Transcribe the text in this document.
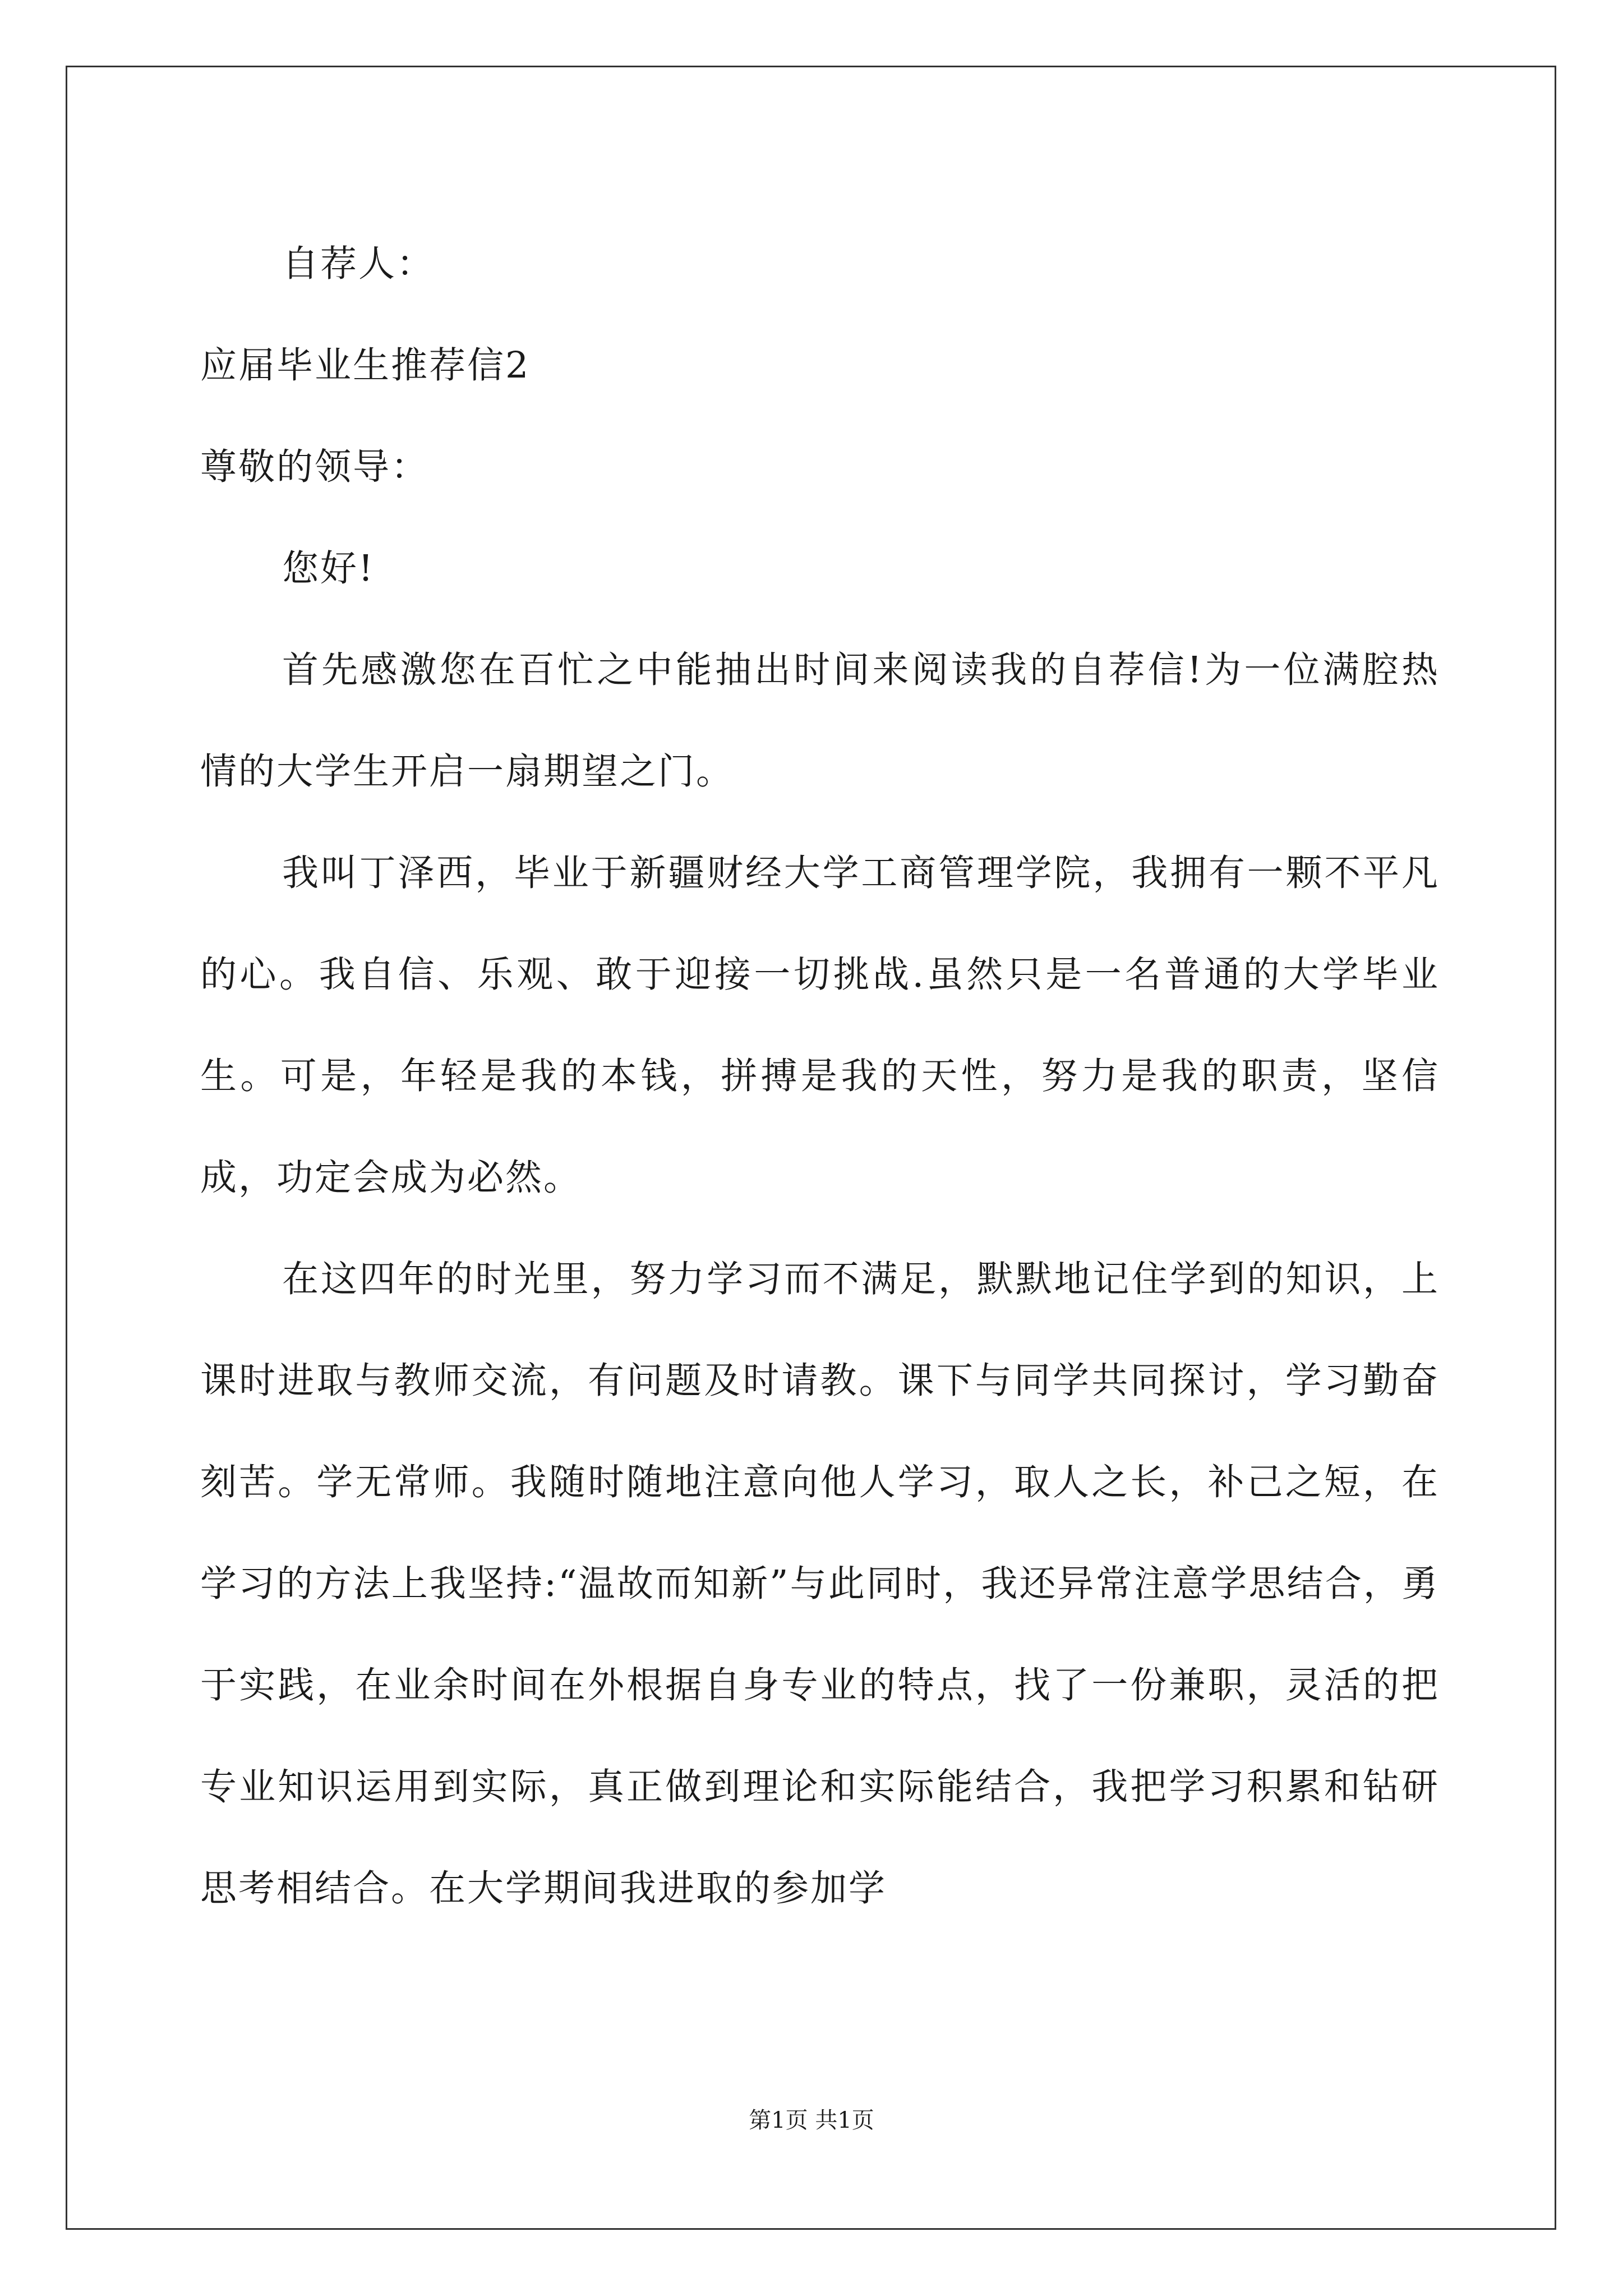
自荐人：

应届毕业生推荐信2

尊敬的领导：

您好!

首先感激您在百忙之中能抽出时间来阅读我的自荐信!为一位满腔热情的大学生开启一扇期望之门。

我叫丁泽西，毕业于新疆财经大学工商管理学院，我拥有一颗不平凡的心。我自信、乐观、敢于迎接一切挑战.虽然只是一名普通的大学毕业生。可是，年轻是我的本钱，拼搏是我的天性，努力是我的职责，坚信成，功定会成为必然。

在这四年的时光里，努力学习而不满足，默默地记住学到的知识，上课时进取与教师交流，有问题及时请教。课下与同学共同探讨，学习勤奋刻苦。学无常师。我随时随地注意向他人学习，取人之长，补己之短，在学习的方法上我坚持:“温故而知新”与此同时，我还异常注意学思结合，勇于实践，在业余时间在外根据自身专业的特点，找了一份兼职，灵活的把专业知识运用到实际，真正做到理论和实际能结合，我把学习积累和钻研思考相结合。在大学期间我进取的参加学

第1页 共1页
